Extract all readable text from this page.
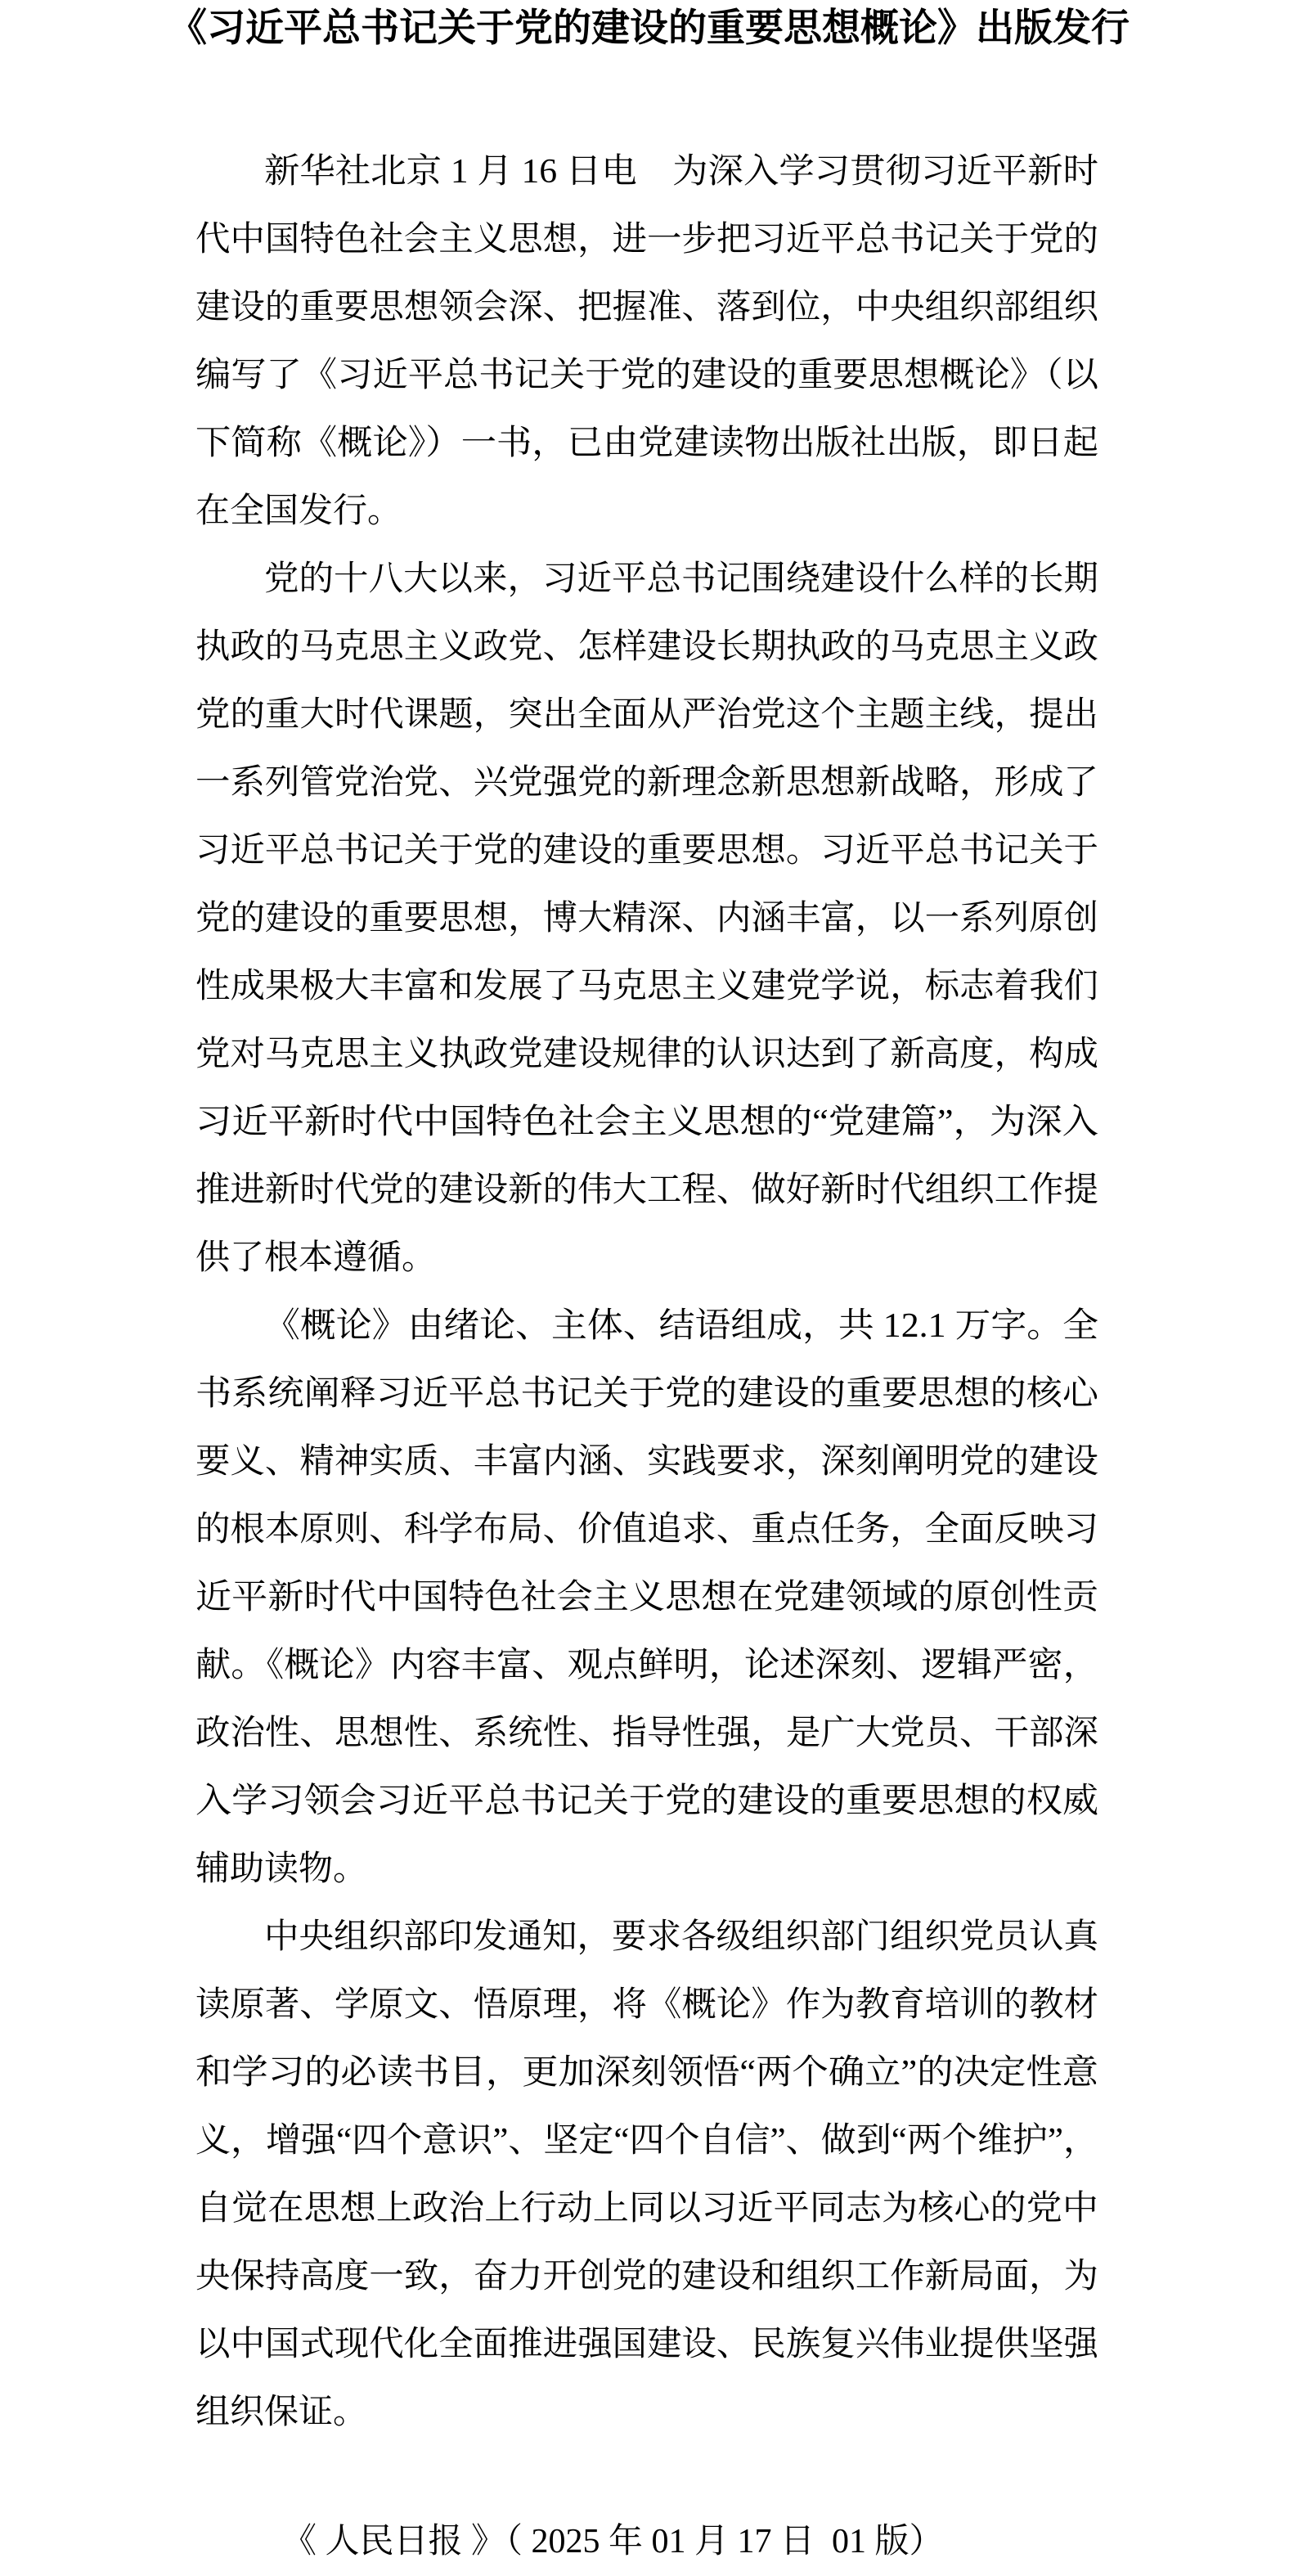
《习近平总书记关于党的建设的重要思想概论》出版发行
新华社北京 1 月 16 日电　为深入学习贯彻习近平新时
代中国特色社会主义思想，进一步把习近平总书记关于党的
建设的重要思想领会深、把握准、落到位，中央组织部组织
编写了《习近平总书记关于党的建设的重要思想概论》（以
下简称《概论》）一书，已由党建读物出版社出版，即日起
在全国发行。
党的十八大以来，习近平总书记围绕建设什么样的长期
执政的马克思主义政党、怎样建设长期执政的马克思主义政
党的重大时代课题，突出全面从严治党这个主题主线，提出
一系列管党治党、兴党强党的新理念新思想新战略，形成了
习近平总书记关于党的建设的重要思想。习近平总书记关于
党的建设的重要思想，博大精深、内涵丰富，以一系列原创
性成果极大丰富和发展了马克思主义建党学说，标志着我们
党对马克思主义执政党建设规律的认识达到了新高度，构成
习近平新时代中国特色社会主义思想的“党建篇”，为深入
推进新时代党的建设新的伟大工程、做好新时代组织工作提
供了根本遵循。
《概论》由绪论、主体、结语组成，共 12.1 万字。全
书系统阐释习近平总书记关于党的建设的重要思想的核心
要义、精神实质、丰富内涵、实践要求，深刻阐明党的建设
的根本原则、科学布局、价值追求、重点任务，全面反映习
近平新时代中国特色社会主义思想在党建领域的原创性贡
献。《概论》内容丰富、观点鲜明，论述深刻、逻辑严密，
政治性、思想性、系统性、指导性强，是广大党员、干部深
入学习领会习近平总书记关于党的建设的重要思想的权威
辅助读物。
中央组织部印发通知，要求各级组织部门组织党员认真
读原著、学原文、悟原理，将《概论》作为教育培训的教材
和学习的必读书目，更加深刻领悟“两个确立”的决定性意
义，增强“四个意识”、坚定“四个自信”、做到“两个维护”，
自觉在思想上政治上行动上同以习近平同志为核心的党中
央保持高度一致，奋力开创党的建设和组织工作新局面，为
以中国式现代化全面推进强国建设、民族复兴伟业提供坚强
组织保证。
《 人民日报 》（ 2025 年 01 月 17 日  01 版）
